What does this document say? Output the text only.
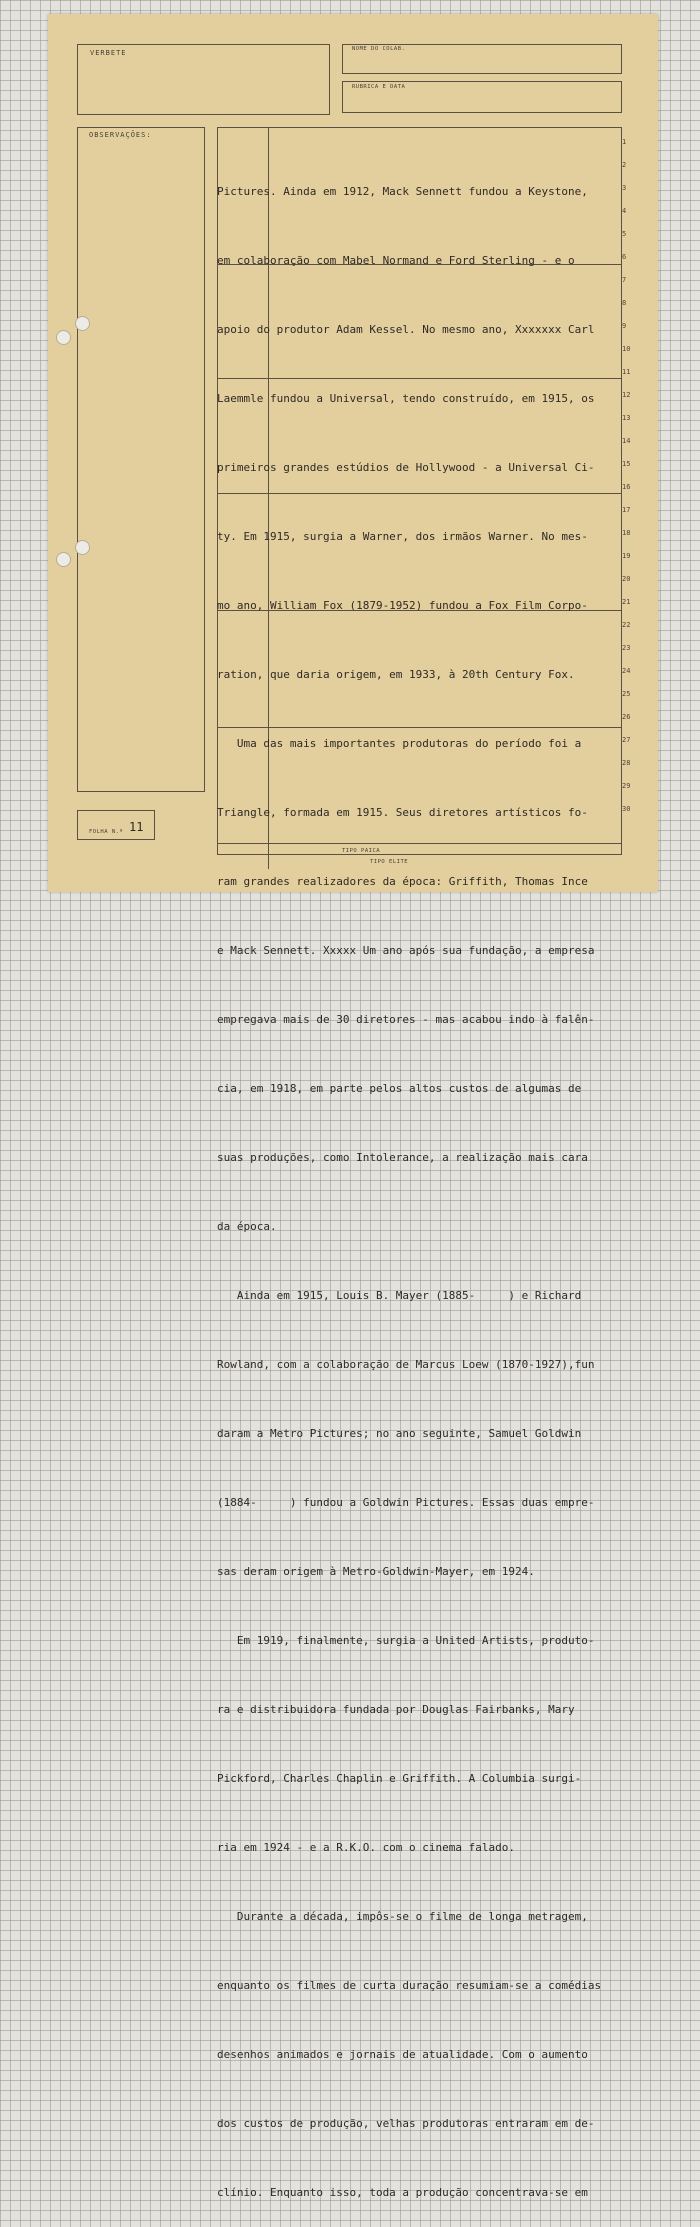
VERBETE	NOME DO COLAB.
RUBRICA E DATA
OBSERVAÇÕES:
FOLHA N.º 11

Pictures. Ainda em 1912, Mack Sennett fundou a Keystone,

em colaboração com Mabel Normand e Ford Sterling - e o

apoio do produtor Adam Kessel. No mesmo ano, Xxxxxxx Carl

Laemmle fundou a Universal, tendo construído, em 1915, os

primeiros grandes estúdios de Hollywood - a Universal Ci-

ty. Em 1915, surgia a Warner, dos irmãos Warner. No mes-

mo ano, William Fox (1879-1952) fundou a Fox Film Corpo-

ration, que daria origem, em 1933, à 20th Century Fox.

Uma das mais importantes produtoras do período foi a

Triangle, formada em 1915. Seus diretores artísticos fo-

ram grandes realizadores da época: Griffith, Thomas Ince

e Mack Sennett. Xxxxx Um ano após sua fundação, a empresa

empregava mais de 30 diretores - mas acabou indo à falên-

cia, em 1918, em parte pelos altos custos de algumas de

suas produções, como Intolerance, a realização mais cara

da época.

Ainda em 1915, Louis B. Mayer (1885-     ) e Richard

Rowland, com a colaboração de Marcus Loew (1870-1927),fun

daram a Metro Pictures; no ano seguinte, Samuel Goldwin

(1884-     ) fundou a Goldwin Pictures. Essas duas empre-

sas deram origem à Metro-Goldwin-Mayer, em 1924.

Em 1919, finalmente, surgia a United Artists, produto-

ra e distribuidora fundada por Douglas Fairbanks, Mary

Pickford, Charles Chaplin e Griffith. A Columbia surgi-

ria em 1924 - e a R.K.O. com o cinema falado.

Durante a década, impôs-se o filme de longa metragem,

enquanto os filmes de curta duração resumiam-se a comédias

desenhos animados e jornais de atualidade. Com o aumento

dos custos de produção, velhas produtoras entraram em de-

clínio. Enquanto isso, toda a produção concentrava-se em

1
2
3
4
5
6
7
8
9
10
11
12
13
14
15
16
17
18
19
20
21
22
23
24
25
26
27
28
29
30
TIPO PAICA
TIPO ELITE
